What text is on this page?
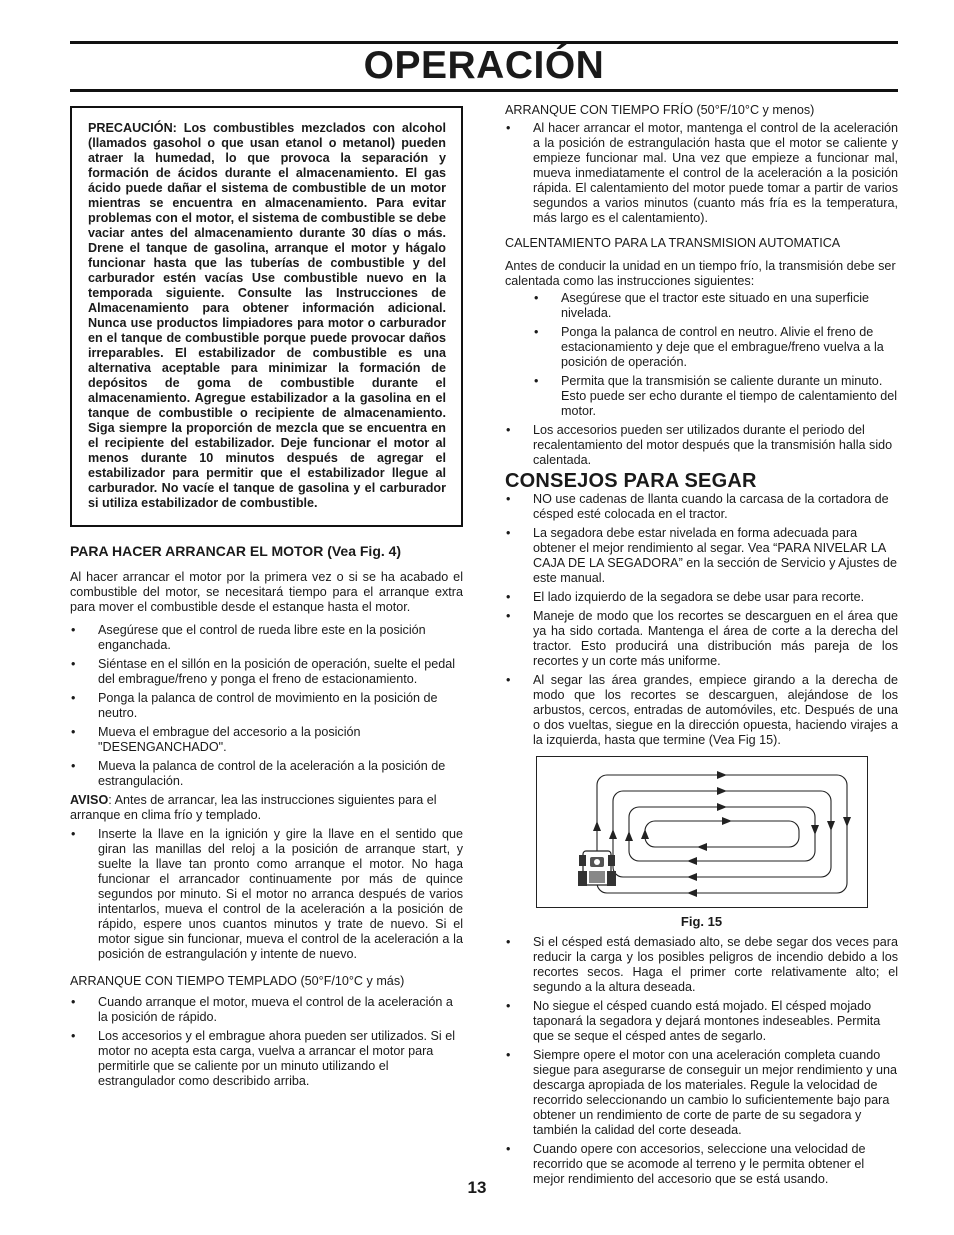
OPERACIÓN
PRECAUCIÓN: Los combustibles mezclados con alcohol (llamados gasohol o que usan etanol o metanol) pueden atraer la humedad, lo que provoca la separación y formación de ácidos durante el almacenamiento. El gas ácido puede dañar el sistema de combustible de un motor mientras se encuentra en almacenamiento. Para evitar problemas con el motor, el sistema de combustible se debe vaciar antes del almacenamiento durante 30 días o más. Drene el tanque de gasolina, arranque el motor y hágalo funcionar hasta que las tuberías de combustible y del carburador estén vacías Use combustible nuevo en la temporada siguiente. Consulte las Instrucciones de Almacenamiento para obtener información adicional. Nunca use productos limpiadores para motor o carburador en el tanque de combustible porque puede provocar daños irreparables. El estabilizador de combustible es una alternativa aceptable para minimizar la formación de depósitos de goma de combustible durante el almacenamiento. Agregue estabilizador a la gasolina en el tanque de combustible o recipiente de almacenamiento. Siga siempre la proporción de mezcla que se encuentra en el recipiente del estabilizador. Deje funcionar el motor al menos durante 10 minutos después de agregar el estabilizador para permitir que el estabilizador llegue al carburador. No vacíe el tanque de gasolina y el carburador si utiliza estabilizador de combustible.
PARA HACER ARRANCAR EL MOTOR (Vea Fig. 4)

Al hacer arrancar el motor por la primera vez o si se ha acabado el combustible del motor, se necesitará tiempo para el arranque extra para mover el combustible desde el estanque hasta el motor.

• Asegúrese que el control de rueda libre este en la posición enganchada.
• Siéntase en el sillón en la posición de operación, suelte el pedal del embrague/freno y ponga el freno de estacionamiento.
• Ponga la palanca de control de movimiento en la posición de neutro.
• Mueva el embrague del accesorio a la posición "DESENGANCHADO".
• Mueva la palanca de control de la aceleración a la posición de estrangulación.

AVISO: Antes de arrancar, lea las instrucciones siguientes para el arranque en clima frío y templado.

• Inserte la llave en la ignición y gire la llave en el sentido que giran las manillas del reloj a la posición de arranque start, y suelte la llave tan pronto como arranque el motor. No haga funcionar el arrancador continuamente por más de quince segundos por minuto. Si el motor no arranca después de varios intentarlos, mueva el control de la aceleración a la posición de rápido, espere unos cuantos minutos y trate de nuevo. Si el motor sigue sin funcionar, mueva el control de la aceleración a la posición de estrangulación y intente de nuevo.

ARRANQUE CON TIEMPO TEMPLADO (50°F/10°C y más)

• Cuando arranque el motor, mueva el control de la aceleración a la posición de rápido.
• Los accesorios y el embrague ahora pueden ser utilizados. Si el motor no acepta esta carga, vuelva a arrancar el motor para permitirle que se caliente por un minuto utilizando el estrangulador como describido arriba.

ARRANQUE CON TIEMPO FRÍO (50°F/10°C y menos)

• Al hacer arrancar el motor, mantenga el control de la aceleración a la posición de estrangulación hasta que el motor se caliente y empieze funcionar mal. Una vez que empieze a funcionar mal, mueva inmediatamente el control de la aceleración a la posición rápida. El calentamiento del motor puede tomar a partir de varios segundos a varios minutos (cuanto más fría es la temperatura, más largo es el calentamiento).

CALENTAMIENTO PARA LA TRANSMISION AUTOMATICA

Antes de conducir la unidad en un tiempo frío, la transmisión debe ser calentada como las instrucciones siguientes:

• Asegúrese que el tractor este situado en una superficie nivelada.
• Ponga la palanca de control en neutro. Alivie el freno de estacionamiento y deje que el embrague/freno vuelva a la posición de operación.
• Permita que la transmisión se caliente durante un minuto. Esto puede ser echo durante el tiempo de calentamiento del motor.
• Los accesorios pueden ser utilizados durante el periodo del recalentamiento del motor después que la transmisión halla sido calentada.
CONSEJOS PARA SEGAR
• NO use cadenas de llanta cuando la carcasa de la cortadora de césped esté colocada en el tractor.
• La segadora debe estar nivelada en forma adecuada para obtener el mejor rendimiento al segar. Vea “PARA NIVELAR LA CAJA DE LA SEGADORA” en la sección de Servicio y Ajustes de este manual.
• El lado izquierdo de la segadora se debe usar para recorte.
• Maneje de modo que los recortes se descarguen en el área que ya ha sido cortada. Mantenga el área de corte a la derecha del tractor. Esto producirá una distribución más pareja de los recortes y un corte más uniforme.
• Al segar las área grandes, empiece girando a la derecha de modo que los recortes se descarguen, alejándose de los arbustos, cercos, entradas de automóviles, etc. Después de una o dos vueltas, siegue en la dirección opuesta, haciendo virajes a la izquierda, hasta que termine (Vea Fig 15).
Fig. 15
• Si el césped está demasiado alto, se debe segar dos veces para reducir la carga y los posibles peligros de incendio debido a los recortes secos. Haga el primer corte relativamente alto; el segundo a la altura deseada.
• No siegue el césped cuando está mojado. El césped mojado taponará la segadora y dejará montones indeseables. Permita que se seque el césped antes de segarlo.
• Siempre opere el motor con una aceleración completa cuando siegue para asegurarse de conseguir un mejor rendimiento y una descarga apropiada de los materiales. Regule la velocidad de recorrido seleccionando un cambio lo suficientemente bajo para obtener un rendimiento de corte de parte de su segadora y también la calidad del corte deseada.
• Cuando opere con accesorios, seleccione una velocidad de recorrido que se acomode al terreno y le permita obtener el mejor rendimiento del accesorio que se está usando.
13
